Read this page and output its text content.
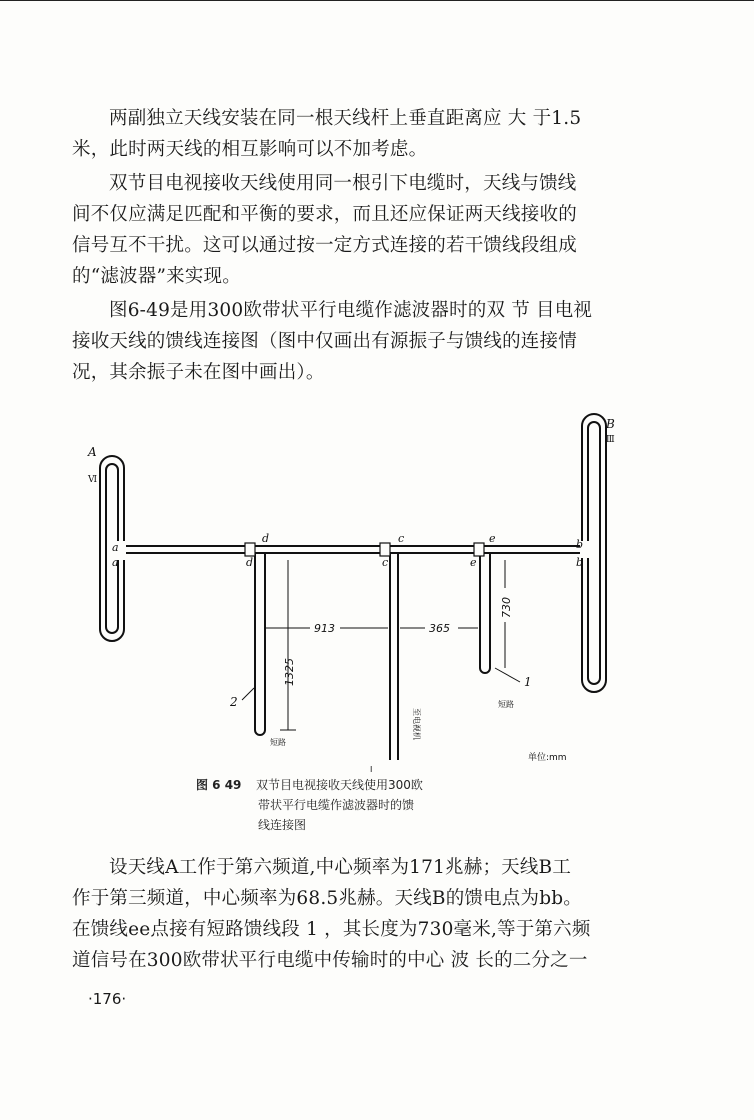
两副独立天线安装在同一根天线杆上垂直距离应 大 于1.5
米，此时两天线的相互影响可以不加考虑。

双节目电视接收天线使用同一根引下电缆时，天线与馈线
间不仅应满足匹配和平衡的要求，而且还应保证两天线接收的
信号互不干扰。这可以通过按一定方式连接的若干馈线段组成
的“滤波器”来实现。

图6-49是用300欧带状平行电缆作滤波器时的双 节 目电视
接收天线的馈线连接图（图中仅画出有源振子与馈线的连接情
况，其余振子未在图中画出）。

A
Ⅵ
B
Ⅲ
a
a
d
d
c
c
e
e
b
b
913	365
730
1325	1
2	短路
短路
至电视机
I
单位:mm
图 6 49 双节目电视接收天线使用300欧
带状平行电缆作滤波器时的馈
线连接图

设天线A工作于第六频道,中心频率为171兆赫；天线B工
作于第三频道，中心频率为68.5兆赫。天线B的馈电点为bb。
在馈线ee点接有短路馈线段 1 ，其长度为730毫米,等于第六频
道信号在300欧带状平行电缆中传输时的中心 波 长的二分之一

·176·
